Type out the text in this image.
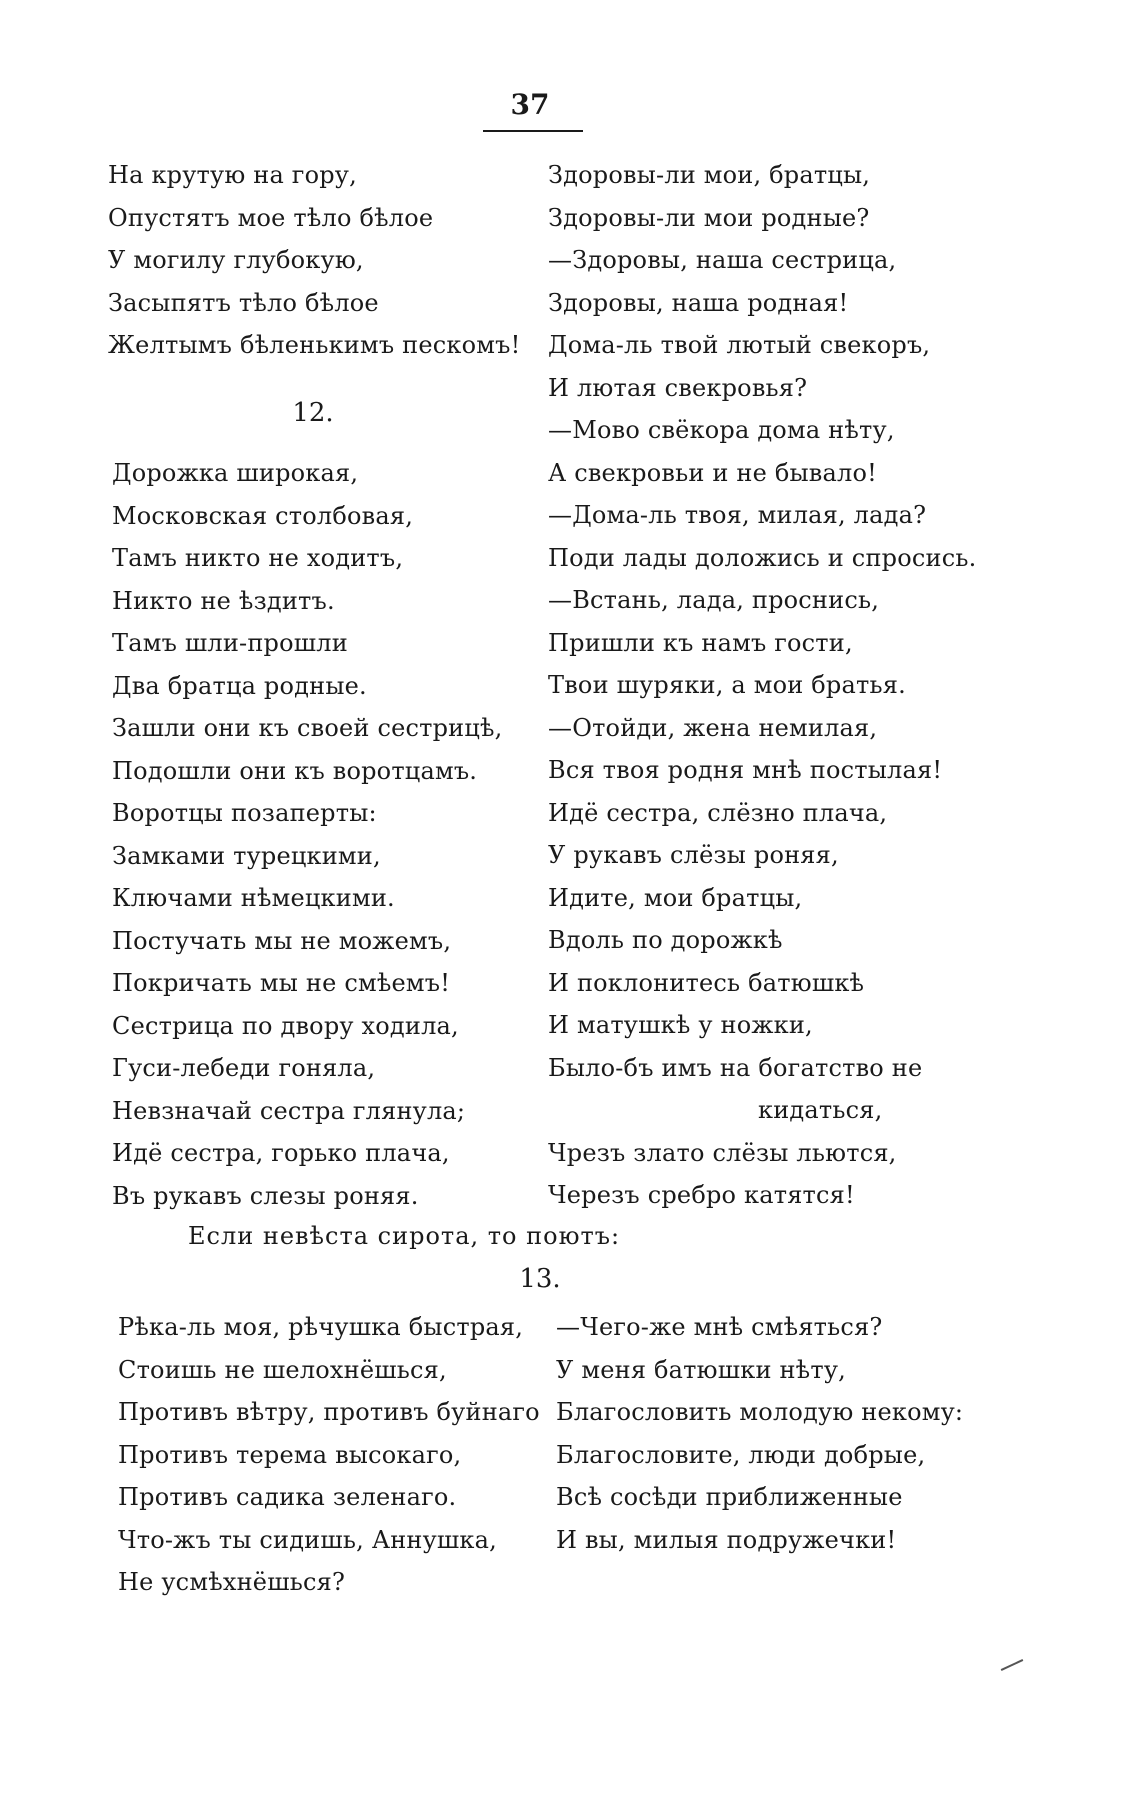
37
На крутую на гору,
Опустятъ мое тѣло бѣлое
У могилу глубокую,
Засыпятъ тѣло бѣлое
Желтымъ бѣленькимъ пескомъ!
12.
Дорожка широкая,
Московская столбовая,
Тамъ никто не ходитъ,
Никто не ѣздитъ.
Тамъ шли-прошли
Два братца родные.
Зашли они къ своей сестрицѣ,
Подошли они къ воротцамъ.
Воротцы позаперты:
Замками турецкими,
Ключами нѣмецкими.
Постучать мы не можемъ,
Покричать мы не смѣемъ!
Сестрица по двору ходила,
Гуси-лебеди гоняла,
Невзначай сестра глянула;
Идё сестра, горько плача,
Въ рукавъ слезы роняя.
Здоровы-ли мои, братцы,
Здоровы-ли мои родные?
—Здоровы, наша сестрица,
Здоровы, наша родная!
Дома-ль твой лютый свекоръ,
И лютая свекровья?
—Мово свёкора дома нѣту,
А свекровьи и не бывало!
—Дома-ль твоя, милая, лада?
Поди лады доложись и спросись.
—Встань, лада, проснись,
Пришли къ намъ гости,
Твои шуряки, а мои братья.
—Отойди, жена немилая,
Вся твоя родня мнѣ постылая!
Идё сестра, слёзно плача,
У рукавъ слёзы роняя,
Идите, мои братцы,
Вдоль по дорожкѣ
И поклонитесь батюшкѣ
И матушкѣ у ножки,
Было-бъ имъ на богатство не
кидаться,
Чрезъ злато слёзы льются,
Черезъ сребро катятся!
Если невѣста сирота, то поютъ:
13.
Рѣка-ль моя, рѣчушка быстрая,
Стоишь не шелохнёшься,
Противъ вѣтру, противъ буйнаго
Противъ терема высокаго,
Противъ садика зеленаго.
Что-жъ ты сидишь, Аннушка,
Не усмѣхнёшься?
—Чего-же мнѣ смѣяться?
У меня батюшки нѣту,
Благословить молодую некому:
Благословите, люди добрые,
Всѣ сосѣди приближенные
И вы, милыя подружечки!
